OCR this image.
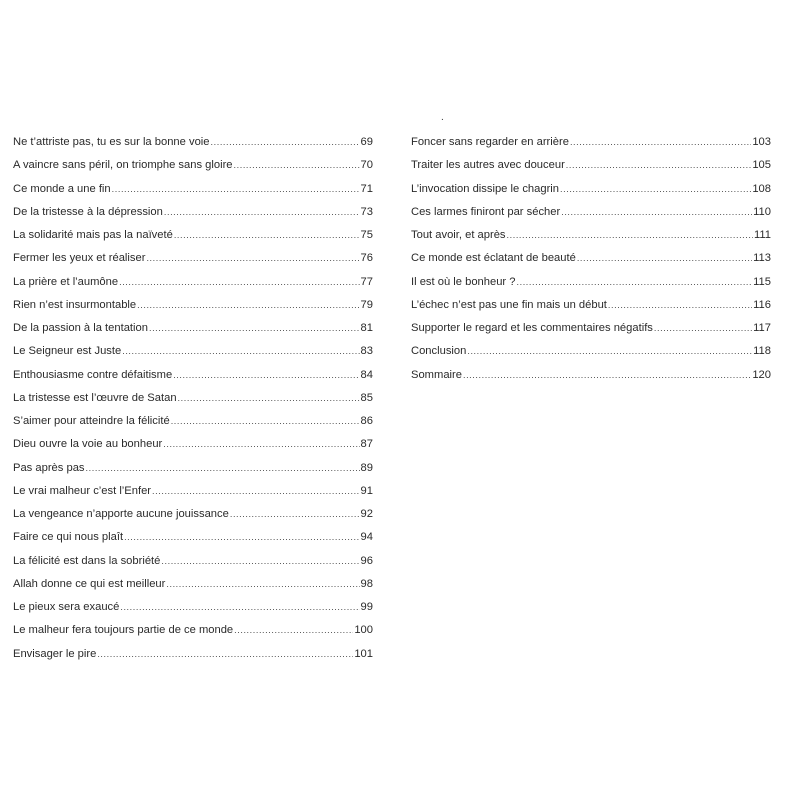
.
Ne t’attriste pas, tu es sur la bonne voie .....	69
A vaincre sans péril, on triomphe sans gloire .....	70
Ce monde a une fin .....	71
De la tristesse à la dépression .....	73
La solidarité mais pas la naïveté .....	75
Fermer les yeux et réaliser .....	76
La prière et l’aumône .....	77
Rien n’est insurmontable .....	79
De la passion à la tentation .....	81
Le Seigneur est Juste .....	83
Enthousiasme contre défaitisme .....	84
La tristesse est l’œuvre de Satan .....	85
S’aimer pour atteindre la félicité .....	86
Dieu ouvre la voie au bonheur .....	87
Pas après pas .....	89
Le vrai malheur c’est l’Enfer .....	91
La vengeance n’apporte aucune jouissance .....	92
Faire ce qui nous plaît .....	94
La félicité est dans la sobriété .....	96
Allah donne ce qui est meilleur .....	98
Le pieux sera exaucé .....	99
Le malheur fera toujours partie de ce monde .....	100
Envisager le pire .....	101
Foncer sans regarder en arrière .....	103
Traiter les autres avec douceur .....	105
L’invocation dissipe le chagrin .....	108
Ces larmes finiront par sécher .....	110
Tout avoir, et après .....	111
Ce monde est éclatant de beauté .....	113
Il est où le bonheur ? .....	115
L’échec n’est pas une fin mais un début .....	116
Supporter le regard et les commentaires négatifs .....	117
Conclusion .....	118
Sommaire .....	120
